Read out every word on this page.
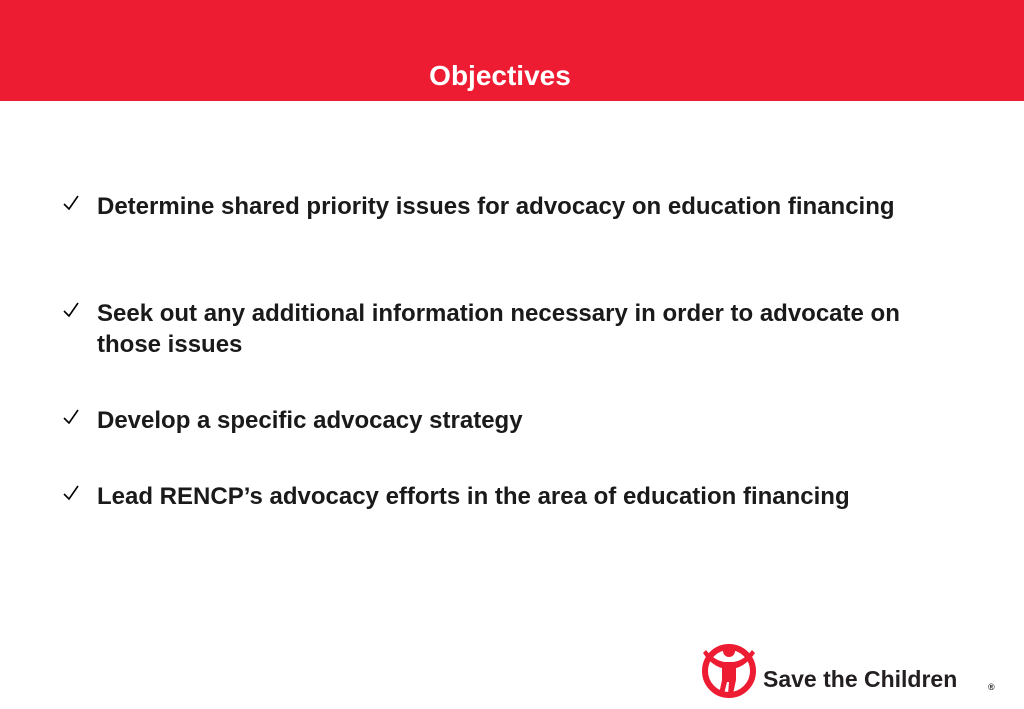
Objectives
Determine shared priority issues for advocacy on education financing
Seek out any additional information necessary in order to advocate on those issues
Develop a specific advocacy strategy
Lead RENCP’s advocacy efforts in the area of education financing
Save the Children	®
